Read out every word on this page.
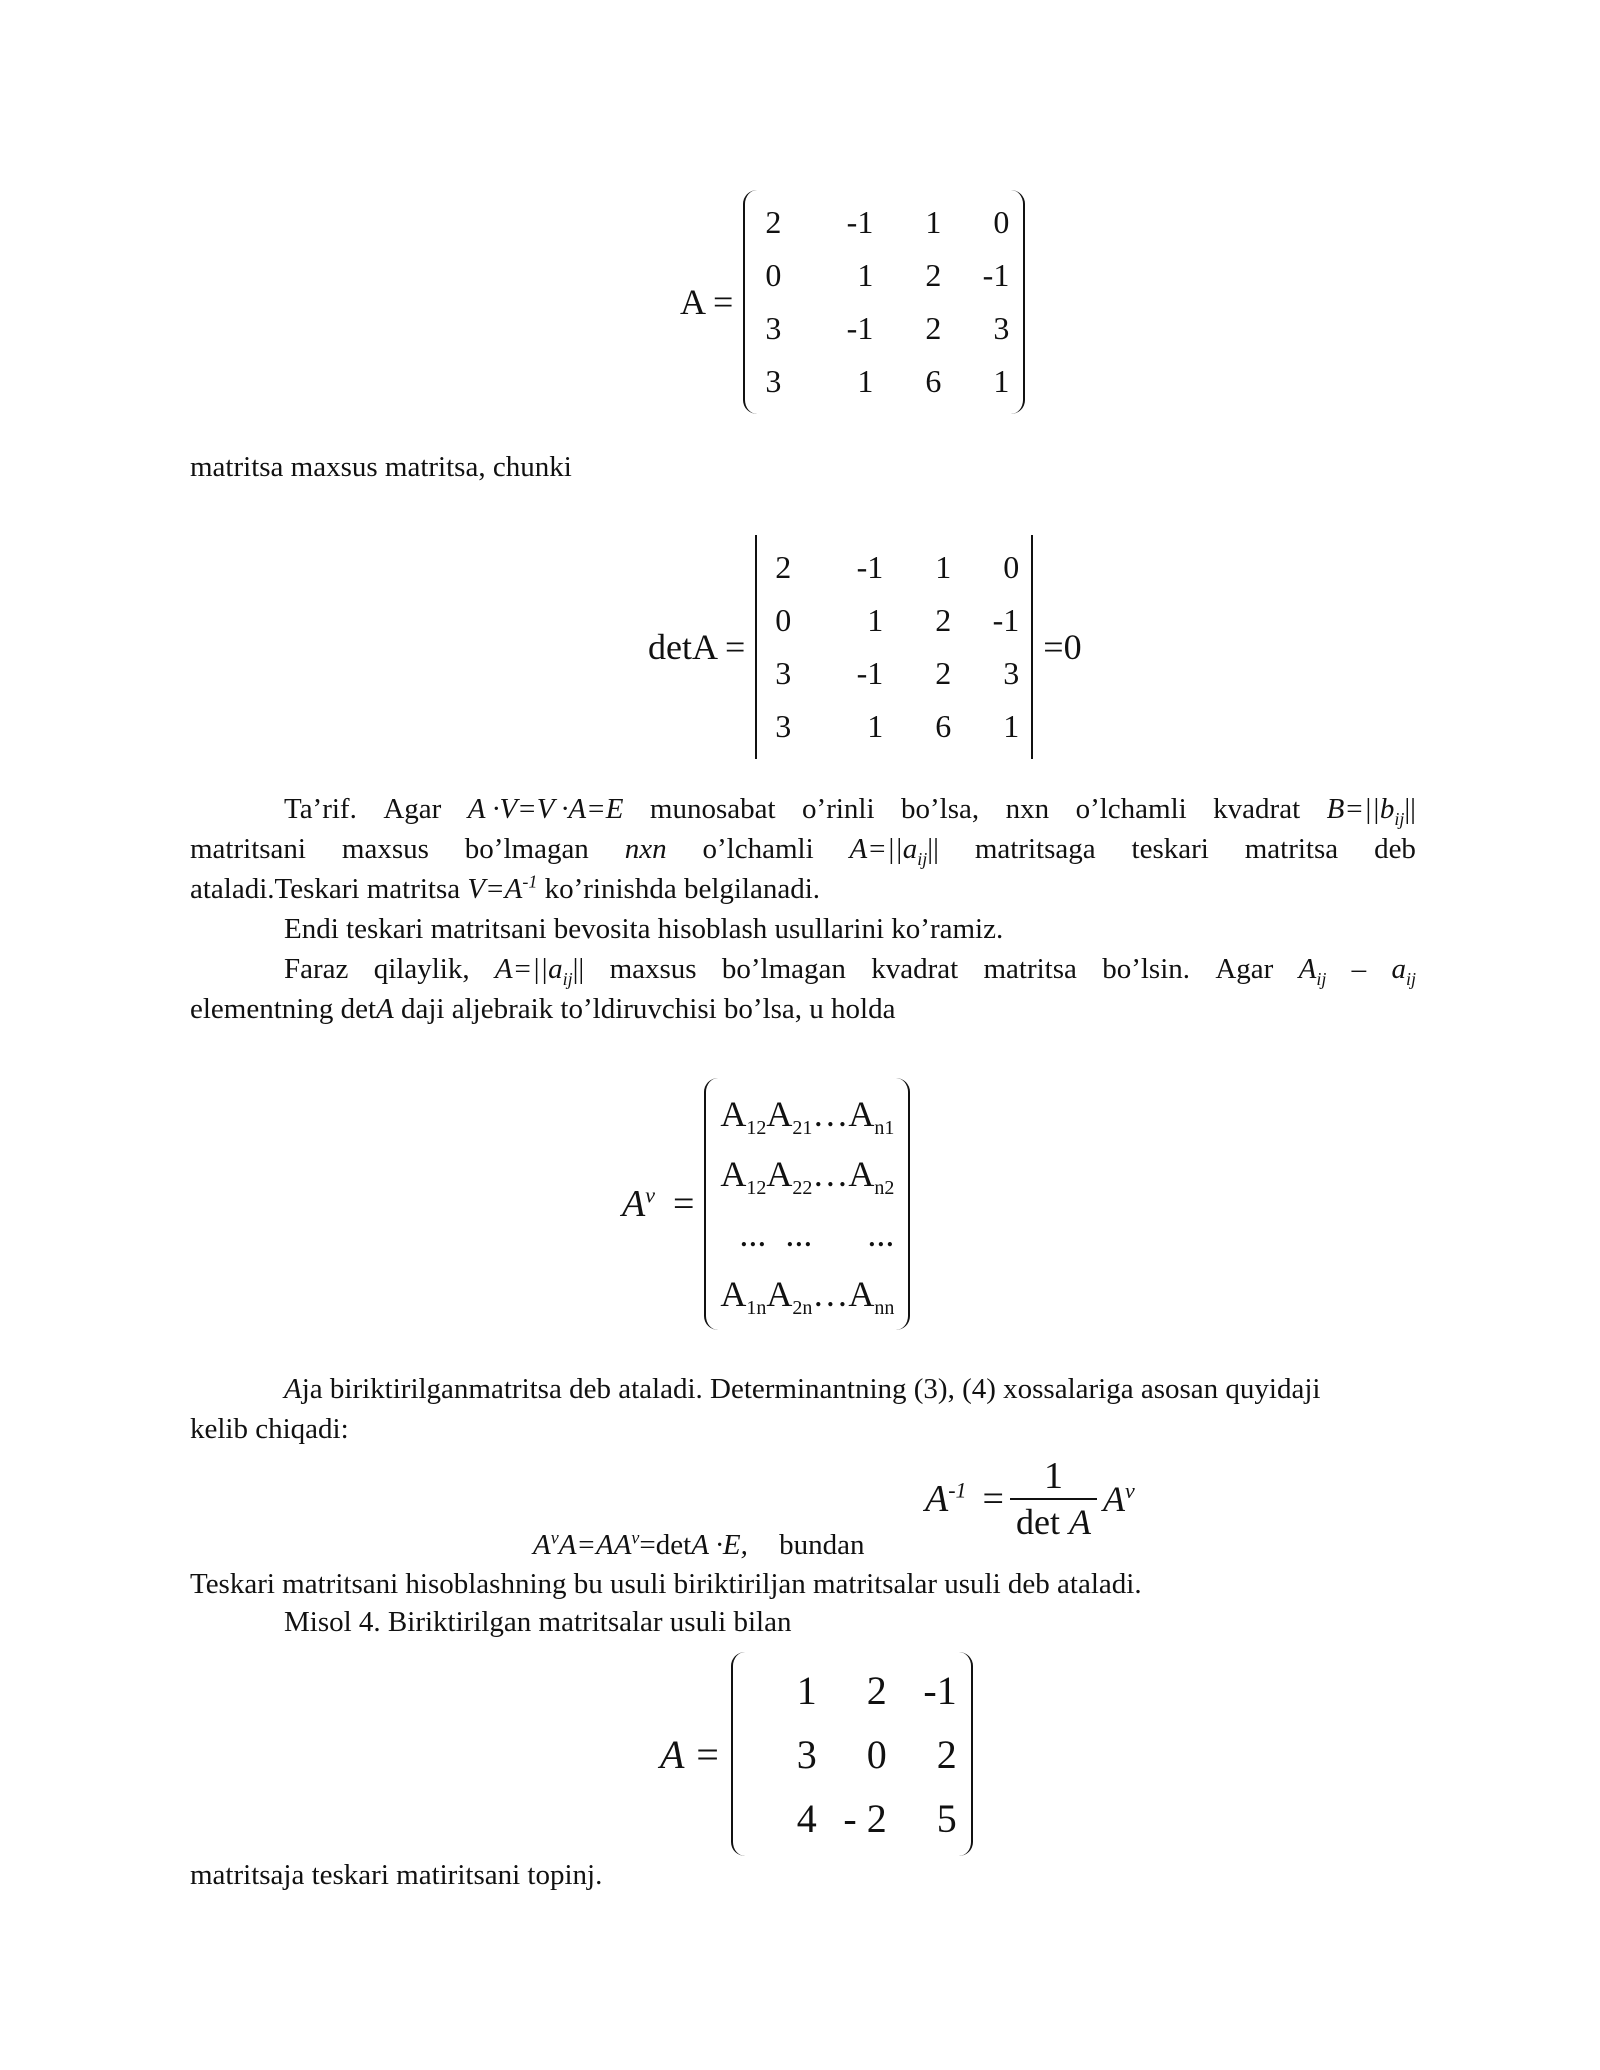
A =
2	-1	1	0
0	1	2	-1
3	-1	2	3
3	1	6	1
matritsa maxsus matritsa, chunki
detA =
2	-1	1	0
0	1	2	-1
3	-1	2	3
3	1	6	1
=0
Ta’rif. Agar A ·V=V ·A=E munosabat o’rinli bo’lsa, nxn o’lchamli kvadrat $B=||b_{ij}||$
matritsani maxsus bo’lmagan nxn o’lchamli $A=||a_{ij}||$ matritsaga teskari matritsa deb
ataladi.Teskari matritsa $V=A^{-1}$ ko’rinishda belgilanadi.
Endi teskari matritsani bevosita hisoblash usullarini ko’ramiz.
Faraz qilaylik, $A=||a_{ij}||$ maxsus bo’lmagan kvadrat matritsa bo’lsin. Agar $A_{ij} - a_{ij}$
elementning detA daji aljebraik to’ldiruvchisi bo’lsa, u holda
$A^v$ =
$A_{12}$	$A_{21}$	…	$A_{n1}$
$A_{12}$	$A_{22}$	…	$A_{n2}$
...	...		...
$A_{1n}$	$A_{2n}$	…	$A_{nn}$
Aja biriktirilganmatritsa deb ataladi. Determinantning (3), (4) xossalariga asosan quyidaji
kelib chiqadi:
$A^vA=AA^v=\det A \cdot E$, bundan
$A^{-1} = \frac{1}{\text{det A}} A^v$
Teskari matritsani hisoblashning bu usuli biriktiriljan matritsalar usuli deb ataladi.
Misol 4. Biriktirilgan matritsalar usuli bilan
A =
1	2	-1
3	0	2
4	- 2	5
matritsaja teskari matiritsani topinj.
